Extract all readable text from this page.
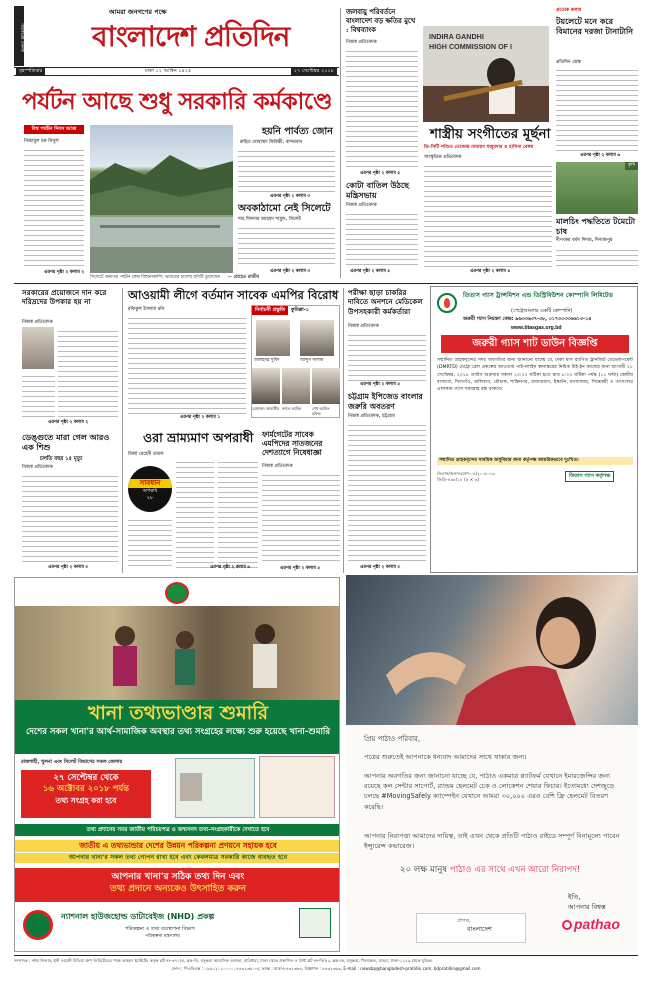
পাঠকপ্রিয় দৈনিক
আমরা জনগণের পক্ষে
বাংলাদেশ প্রতিদিন
বৃহস্পতিবার	ঢাকা ১২ আশ্বিন ১৪২৫	২৭ সেপ্টেম্বর ২০১৮
পর্যটন আছে শুধু সরকারি কর্মকাণ্ডে
বিশ্ব পর্যটন দিবস আজ
নিজামুল হক বিপুল
এরপর পৃষ্ঠা ২ কলাম ২
সিলেটে অন্যতম পর্যটন কেন্দ্র বিছানাকান্দি। ভারতের ঢালের ছবিটি তুলেছেন — রোহেত রাজীব
হয়নি পার্বত্য জোন
রুহিত মোহাম্মদ ফিরিস্তী, বান্দরবান
এরপর পৃষ্ঠা ২ কলাম ৩
অবকাঠামো নেই সিলেটে
শাহ দিলদার আহমদ শামুল, সিলেট
এরপর পৃষ্ঠা ২ কলাম ৩
জলবায়ু পরিবর্তনে বাংলাদেশ বড় ক্ষতির মুখে : বিশ্বব্যাংক
নিজস্ব প্রতিবেদক
এরপর পৃষ্ঠা ২ কলাম ৫
কোটা বাতিল উঠছে মন্ত্রিসভায়
নিজস্ব প্রতিবেদক
এরপর পৃষ্ঠা ২ কলাম ৫
INDIRA GANDHI
HIGH COMMISSION OF I
প্রত্যেক কলাম
টয়লেটে মনে করে বিমানের দরজা টানাটানি
প্রতিদিন ডেস্ক
এরপর পৃষ্ঠা ২ কলাম ৬
কৃষি
মালচিং পদ্ধতিতে টমেটো চাষ
দীপংকর বর্মন দিদার, দিনাজপুর
শাস্ত্রীয় সংগীতের মূর্ছনা
ডি-সিটি পণ্ডিত তেজেন্দ্র নারায়ণ মজুমদার ও হাসিনা বেঙ্গম
সাংস্কৃতিক প্রতিবেদক
এরপর পৃষ্ঠা ২ কলাম ৪
সরকারের প্রয়োজনে দান করে দরিদ্রদের উপকার হয় না
নিজস্ব প্রতিবেদক
এরপর পৃষ্ঠা ২ কলাম ২
ডেঙ্গুতে মারা গেল আরও এক শিশু
চলতি বছর ১৫ মৃত্যু
নিজস্ব প্রতিবেদক
এরপর পৃষ্ঠা ২ কলাম ৩
আওয়ামী লীগে বর্তমান সাবেক এমপির বিরোধ
রফিকুল ইসলাম রনি
এরপর পৃষ্ঠা ২ কলাম ১
নির্বাচনী প্রস্তুতি	কুমিল্লা-১
আলহাজ্ব সুবিদ	আব্দুস সালাম
মোহাম্মদ জাহাঙ্গীর রুহুল আমিন	শেখ আমিন রফিক
ওরা ভ্রাম্যমাণ অপরাধী
মির্জা মেহেদী তমাল
সাবধান
অপরাধ
২৮
এরপর পৃষ্ঠা ২ কলাম ৬
ফার্মগেটের সাবেক এমপিদের সাতজনের দেশত্যাগে নিষেধাজ্ঞা
নিজস্ব প্রতিবেদক
এরপর পৃষ্ঠা ২ কলাম ৫
পরীক্ষা ছাড়া চাকরির দাবিতে অনশনে মেডিকেল উপসহকারী কর্মকর্তারা
নিজস্ব প্রতিবেদক
এরপর পৃষ্ঠা ২ কলাম ৫
চট্টগ্রাম ইপিজেড বাংলার জরুরি অবতরণ
নিজস্ব প্রতিবেদক, চট্টগ্রাম
এরপর পৃষ্ঠা ২ কলাম ৩
তিতাস গ্যাস ট্রান্সমিশন এন্ড ডিস্ট্রিবিউশন কোম্পানি লিমিটেড
(পেট্রোবাংলার একটি কোম্পানি)
জরুরী গ্যাস নিয়ন্ত্রণ কেন্দ্র: ৯৬৩৩৬৩৭-৩৮, ০১৭৩০৩৩৬৬১৩-১৪
www.titasgas.org.bd
জরুরী গ্যাস শাট ডাউন বিজ্ঞপ্তি
সম্মানিত গ্রাহকবৃন্দের সদয় অবগতির জন্য জানানো যাচ্ছে যে, ঢাকা মাস র‍্যাপিড ট্রানজিট ডেভেলপমেন্ট (DMRTD) মেট্রো রেল প্রকল্পের আওতায় পাইপলাইন স্থানান্তরের নিমিত্ত টাই-ইন কাজের জন্য আগামী ২৮ সেপ্টেম্বর, ২০১৮ তারিখ শুক্রবার সকাল ১০:০০ ঘটিকা হতে রাত ৮:০০ ঘটিকা পর্যন্ত (১১ ঘন্টা) কেন্দ্রীয় বাসাবো, খিলগাঁও, মালিবাগ, মৌচাক, শান্তিনগর, রাজারবাগ, ইস্কাটন, মগবাজার, সিদ্ধেশ্বরী ও তৎসংলগ্ন এলাকায় গ্যাস সরবরাহ বন্ধ থাকবে।
সম্মানিত গ্রাহকবৃন্দের সাময়িক অসুবিধার জন্য কর্তৃপক্ষ আন্তরিকভাবে দুঃখিত।
তিতাস/জনসংযোগ-০৪/২০১৮-১৯
জিডি-৪৩৮/১৮ (৫ × ৩)
তিতাস গ্যাস কর্তৃপক্ষ
খানা তথ্যভাণ্ডার শুমারি
দেশের সকল খানা'র আর্থ-সামাজিক অবস্থার তথ্য সংগ্রহের লক্ষ্যে শুরু হয়েছে খানা-শুমারি
রাজশাহী, খুলনা এবং সিলেট বিভাগের সকল জেলায়
২৭ সেপ্টেম্বর থেকে
১৬ অক্টোবর ২০১৮ পর্যন্ত
তথ্য সংগ্রহ করা হবে
তথ্য প্রদানের সময় জাতীয় পরিচয়পত্র ও জন্মসনদ তথ্য-সংগ্রহকারীকে দেখাতে হবে
জাতীয় এ তথ্যভান্ডার দেশের উন্নয়ন পরিকল্পনা প্রণয়নে সহায়ক হবে
আপনার খানা'র সকল তথ্য গোপন রাখা হবে এবং কেবলমাত্র সরকারি কাজে ব্যবহৃত হবে
আপনার খানা'র সঠিক তথ্য দিন এবং
তথ্য প্রদানে অন্যকেও উৎসাহিত করুন
ন্যাশনাল হাউজহোল্ড ডাটাবেইজ (NHD) প্রকল্প
পরিকল্পনা ও তথ্য ব্যবস্থাপনা বিভাগ
পরিকল্পনা মন্ত্রণালয়
প্রিয় পাঠাও পরিবার,
পত্রের শুরুতেই আপনাকে ধন্যবাদ আমাদের সাথে থাকার জন্য।
আপনার অবগতির জন্য জানানো যাচ্ছে যে, পাঠাও একমাত্র প্ল্যাটফর্ম যেখানে ইমারজেন্সির জন্য রয়েছে কল সেন্টার সাপোর্ট, র‍্যান্ডম হেলমেট চেক ও লোকেশন শেয়ার ফিচার। ইতোমধ্যে দেশজুড়ে চলছে #MovingSafely ক্যাম্পেইন যেখানে আমরা ৩০,০০০ এরও বেশি ফ্রি হেলমেট বিতরণ করেছি।
আপনার নিরাপত্তা আমাদের দায়িত্ব, তাই এখন থেকে প্রতিটি পাঠাও রাইডে সম্পূর্ণ বিনামূল্যে পাবেন ইন্স্যুরেন্স কভারেজ।
২০ লক্ষ মানুষ পাঠাও এর সাথে এখন আরো নিরাপদ!
ইতি,
আপনার বিশ্বস্ত
pathao
প্রাপক,
বাংলাদেশ
সম্পাদক : নঈম নিজাম, ইস্ট ওয়েস্ট মিডিয়া গ্রুপ লিমিটেডের পক্ষে আহমদ ইস্টেটের কর্তৃক প্লট নং-৩৭১/এ, ব্লক-ডি, বসুন্ধরা আবাসিক এলাকা, বারিধারা, ঢাকা থেকে প্রকাশিত ও প্রিন্ট প্লট নং-সি/৫২, ব্লক-কে, বসুন্ধরা, খিলক্ষেত, বাড্ডা, ঢাকা-১২২৯ থেকে মুদ্রিত।
ফোন : পিএবিএক্স : ০৯৬১২১২০০০০, ৮৪৩২৩৬১-৪; ফ্যাক্স : বার্তা-৮৪৩২৩৬৪, বিজ্ঞাপন : ৮৪৩২৩৬৩, E-mail : newsbp@bangladesh-pratidin.com, bdpratidin@gmail.com
